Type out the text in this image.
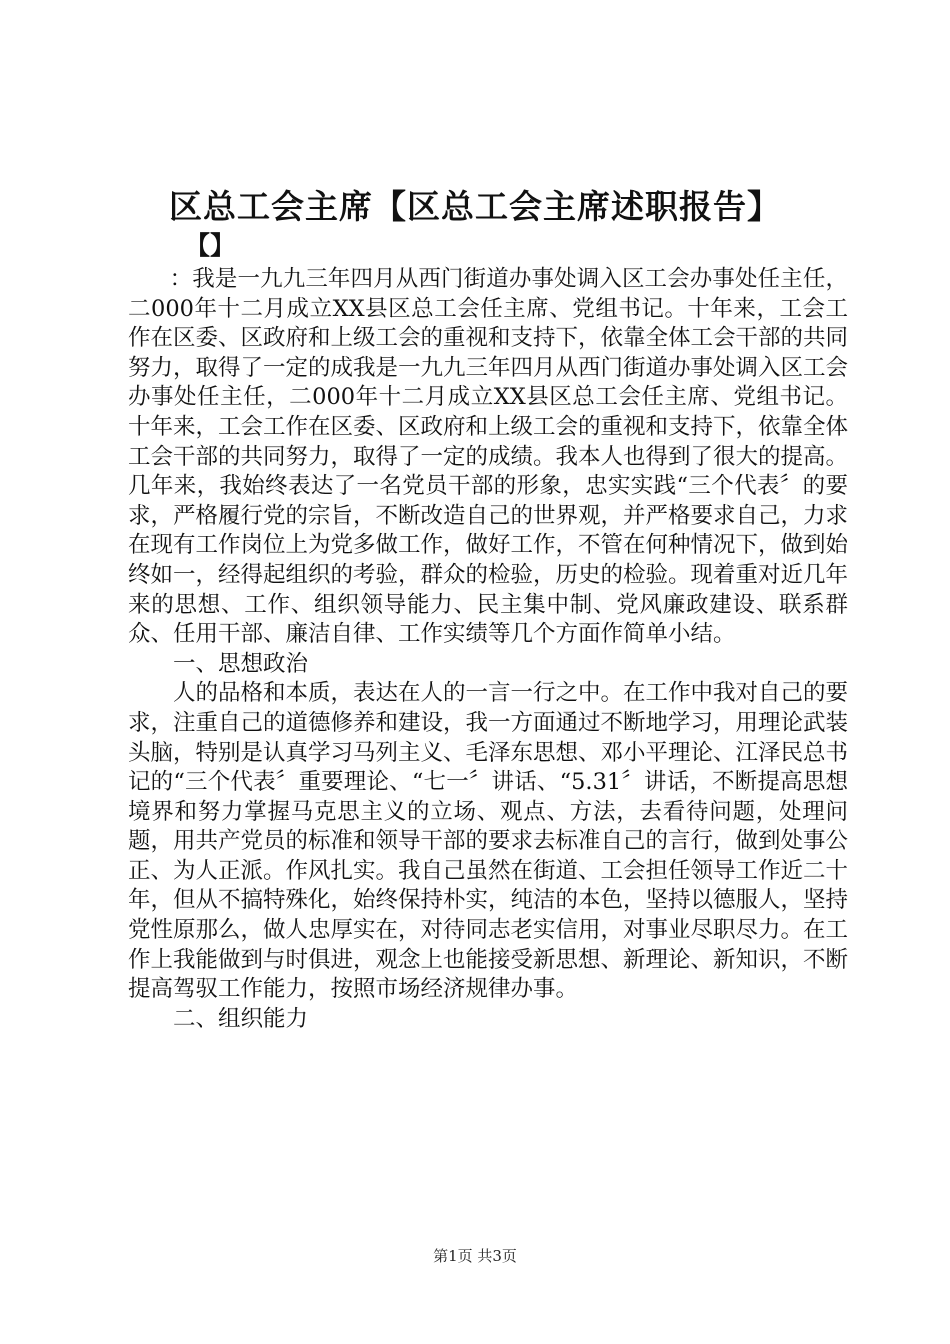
区总工会主席【区总工会主席述职报告】
【】

：我是一九九三年四月从西门街道办事处调入区工会办事处任主任，二000年十二月成立XX县区总工会任主席、党组书记。十年来，工会工作在区委、区政府和上级工会的重视和支持下，依靠全体工会干部的共同努力，取得了一定的成我是一九九三年四月从西门街道办事处调入区工会办事处任主任，二000年十二月成立XX县区总工会任主席、党组书记。十年来，工会工作在区委、区政府和上级工会的重视和支持下，依靠全体工会干部的共同努力，取得了一定的成绩。我本人也得到了很大的提高。几年来，我始终表达了一名党员干部的形象，忠实实践“三个代表〞的要求，严格履行党的宗旨，不断改造自己的世界观，并严格要求自己，力求在现有工作岗位上为党多做工作，做好工作，不管在何种情况下，做到始终如一，经得起组织的考验，群众的检验，历史的检验。现着重对近几年来的思想、工作、组织领导能力、民主集中制、党风廉政建设、联系群众、任用干部、廉洁自律、工作实绩等几个方面作简单小结。

一、思想政治

人的品格和本质，表达在人的一言一行之中。在工作中我对自己的要求，注重自己的道德修养和建设，我一方面通过不断地学习，用理论武装头脑，特别是认真学习马列主义、毛泽东思想、邓小平理论、江泽民总书记的“三个代表〞重要理论、“七一〞讲话、“5.31〞讲话，不断提高思想境界和努力掌握马克思主义的立场、观点、方法，去看待问题，处理问题，用共产党员的标准和领导干部的要求去标准自己的言行，做到处事公正、为人正派。作风扎实。我自己虽然在街道、工会担任领导工作近二十年，但从不搞特殊化，始终保持朴实，纯洁的本色，坚持以德服人，坚持党性原那么，做人忠厚实在，对待同志老实信用，对事业尽职尽力。在工作上我能做到与时俱进，观念上也能接受新思想、新理论、新知识，不断提高驾驭工作能力，按照市场经济规律办事。

二、组织能力

第1页 共3页
